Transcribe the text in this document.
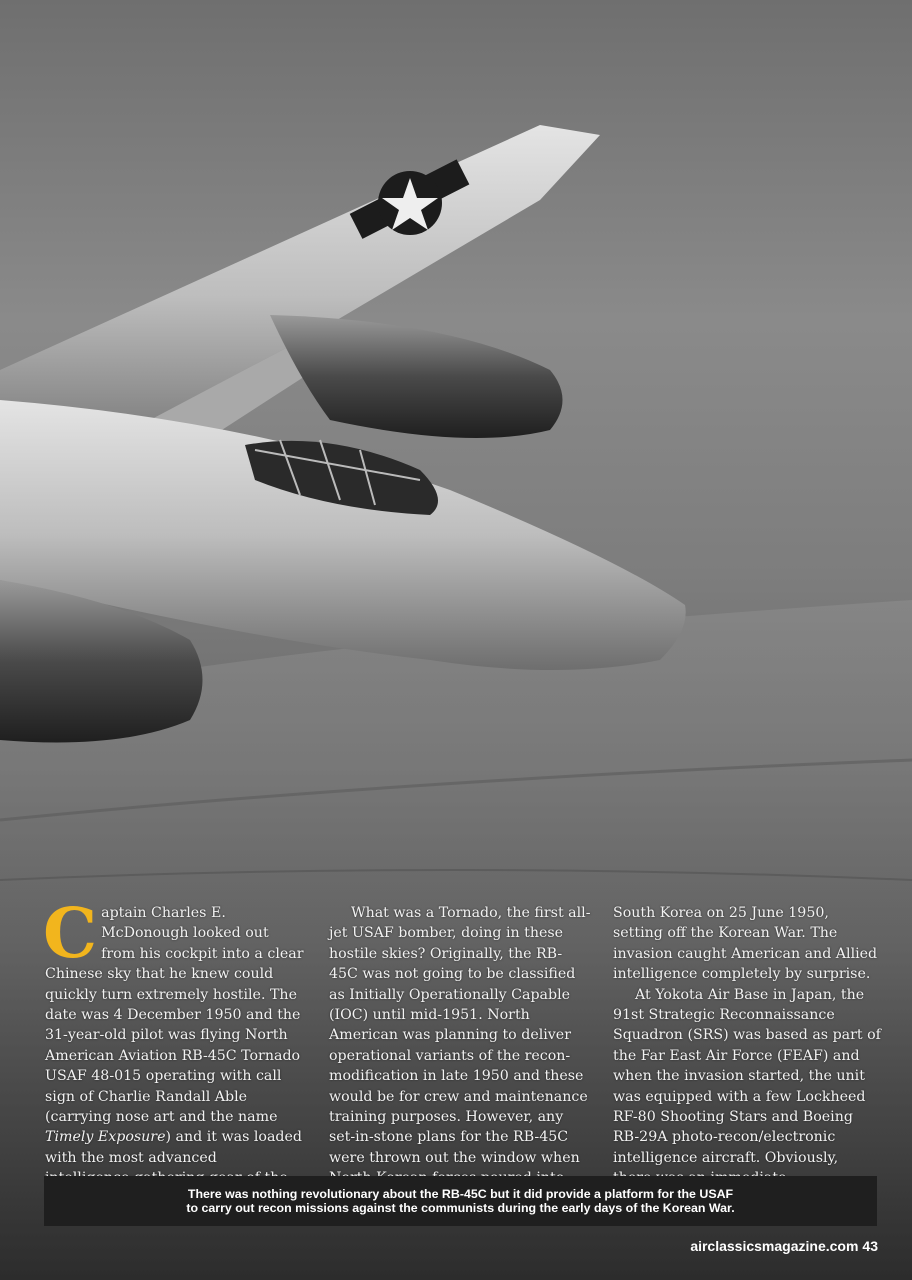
Captain Charles E. McDonough looked out from his cockpit into a clear Chinese sky that he knew could quickly turn extremely hostile. The date was 4 December 1950 and the 31-year-old pilot was flying North American Aviation RB-45C Tornado USAF 48-015 operating with call sign of Charlie Randall Able (carrying nose art and the name Timely Exposure) and it was loaded with the most advanced

What was a Tornado, the first all-jet USAF bomber, doing in these hostile skies? Originally, the RB-45C was not going to be classified as Initially Operationally Capable (IOC) until mid-1951. North American was planning to deliver operational variants of the recon-modification in late 1950 and these would be for crew and maintenance training purposes. However, any set-in-stone plans for the RB-45C were thrown out the window when

South Korea on 25 June 1950, setting off the Korean War. The invasion caught American and Allied intelligence completely by surprise.

At Yokota Air Base in Japan, the 91st Strategic Reconnaissance Squadron (SRS) was based as part of the Far East Air Force (FEAF) and when the invasion started, the unit was equipped with a few Lockheed RF-80 Shooting Stars and Boeing RB-29A photo-recon/electronic intelligence aircraft. Obviously,

There was nothing revolutionary about the RB-45C but it did provide a platform for the USAF
to carry out recon missions against the communists during the early days of the Korean War.
airclassicsmagazine.com 43
